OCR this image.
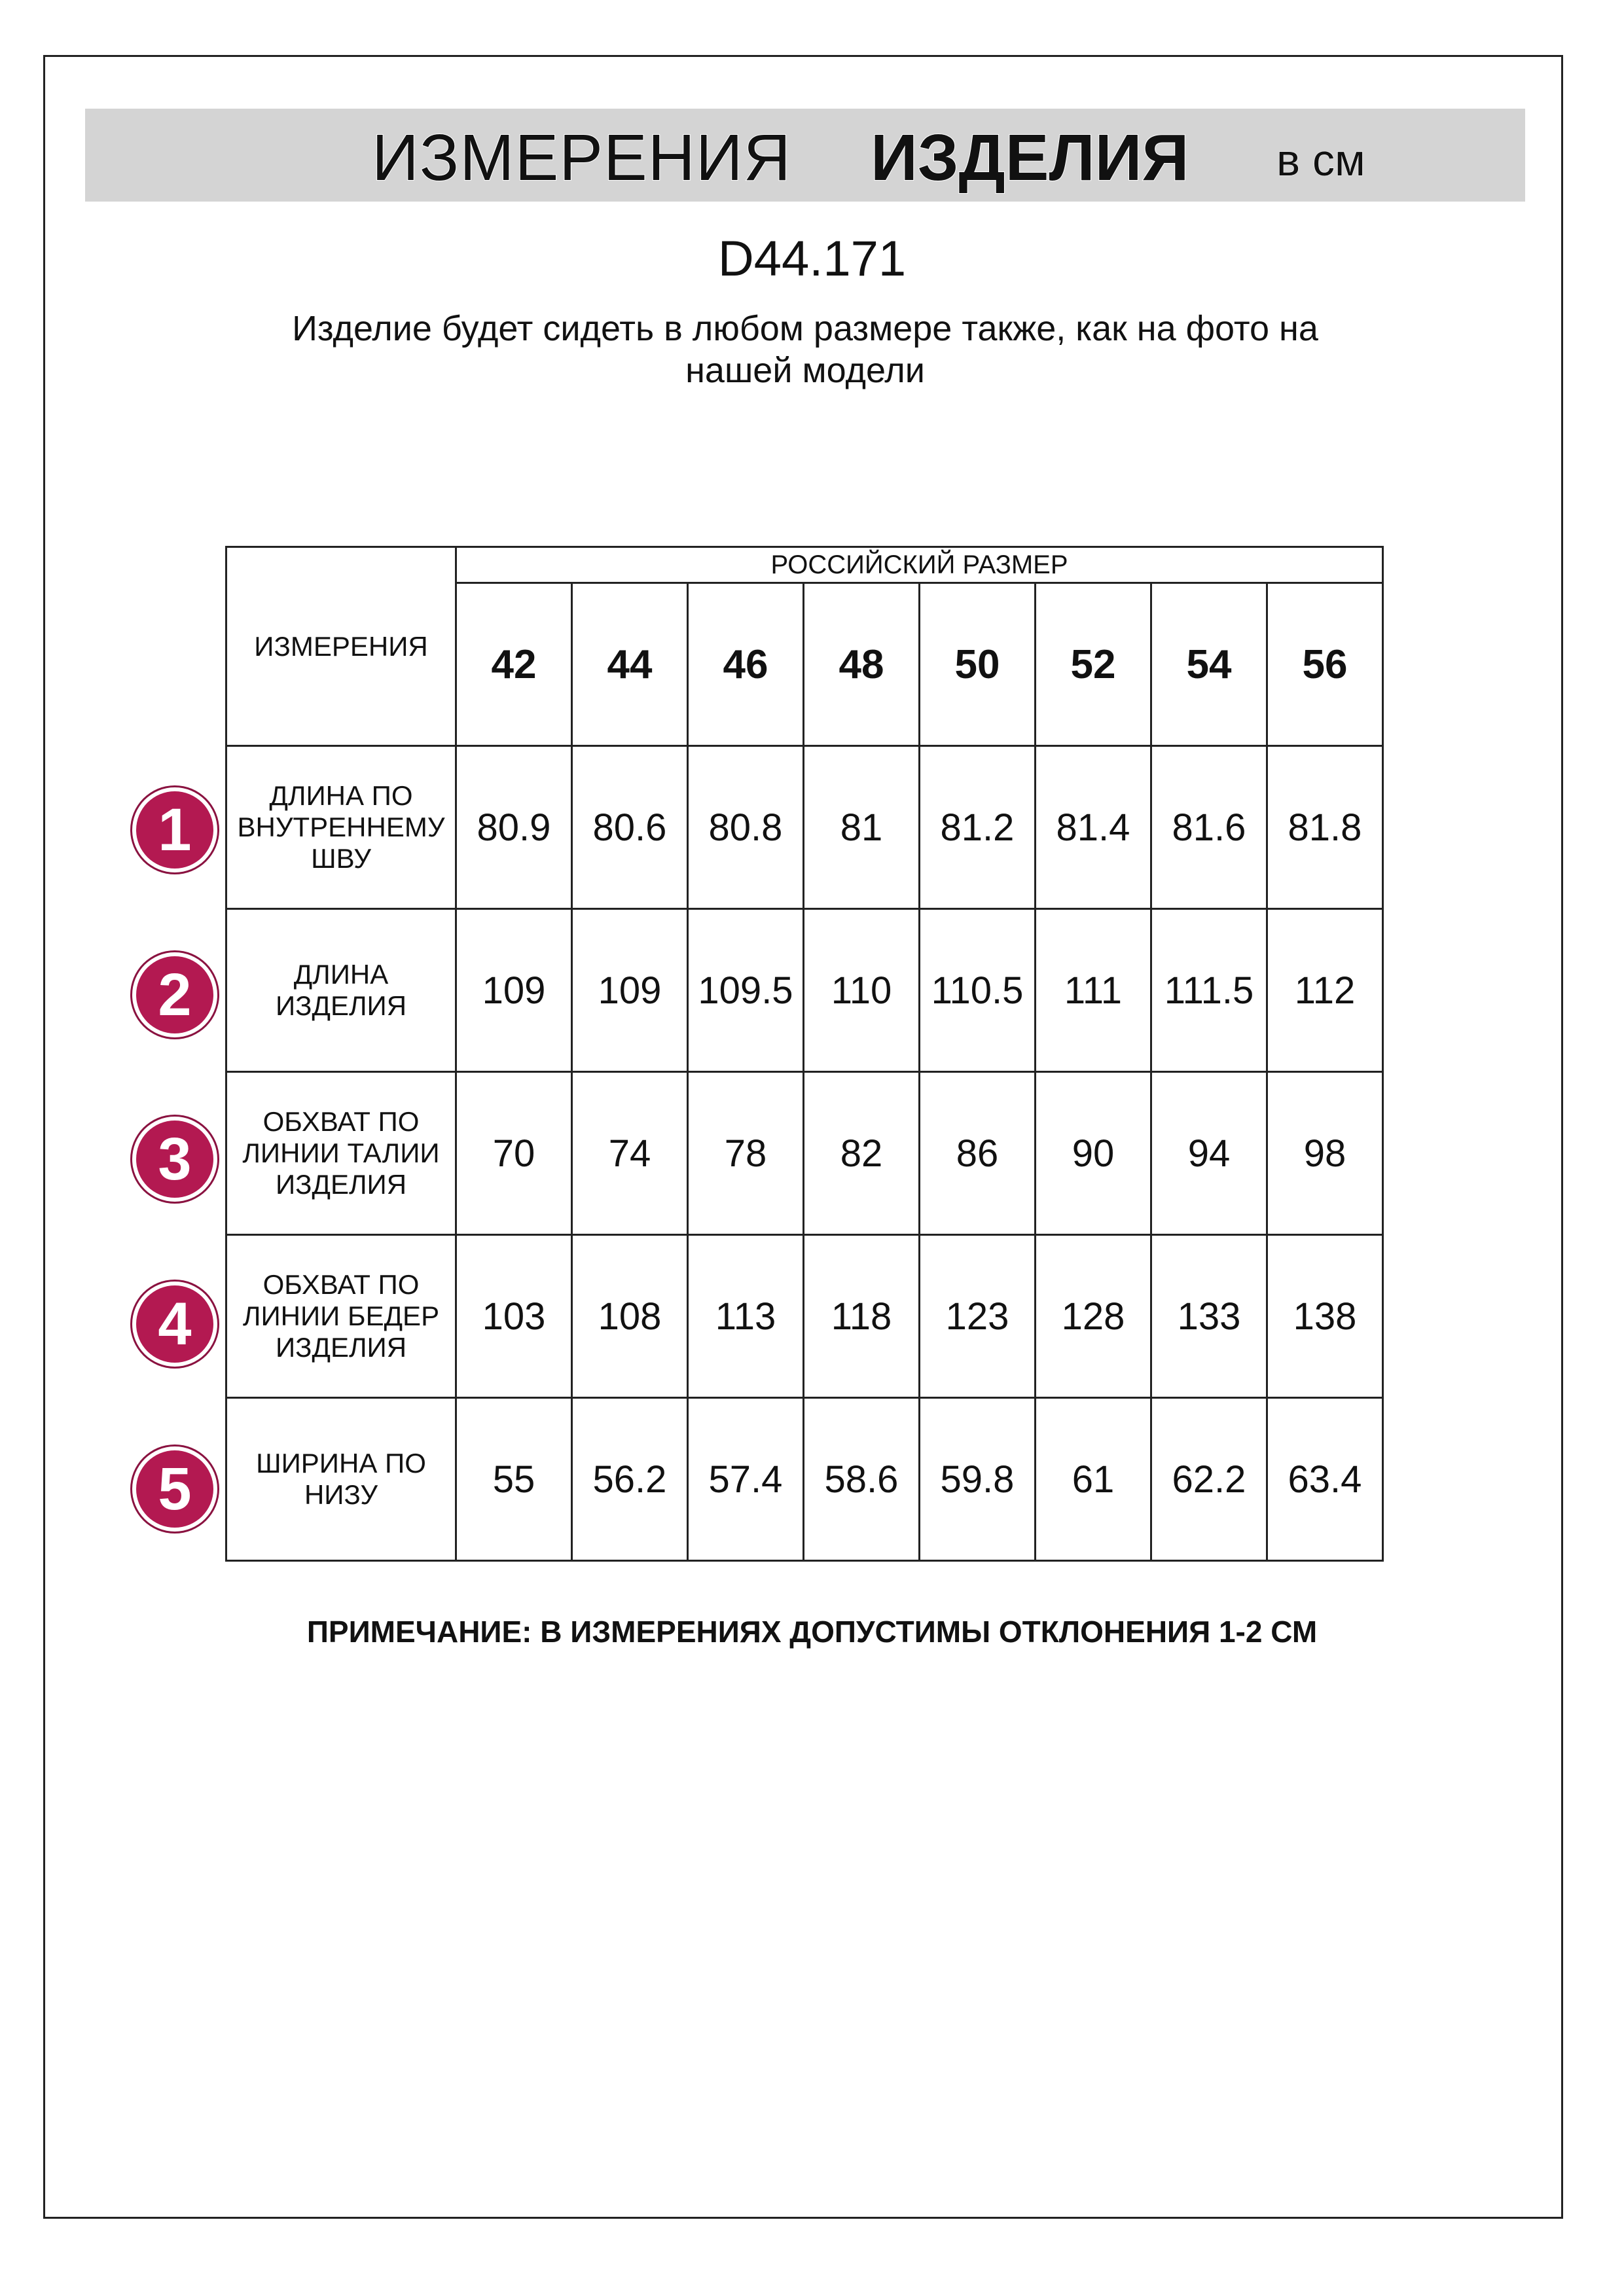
ИЗМЕРЕНИЯ ИЗДЕЛИЯ в см
D44.171
Изделие будет сидеть в любом размере также, как на фото на
нашей модели
ИЗМЕРЕНИЯ	РОССИЙСКИЙ РАЗМЕР							
	42	44	46	48	50	52	54	56

ДЛИНА ПО
ВНУТРЕННЕМУ
ШВУ	80.9	80.6	80.8	81	81.2	81.4	81.6	81.8

ДЛИНА
ИЗДЕЛИЯ	109	109	109.5	110	110.5	111	111.5	112

ОБХВАТ ПО
ЛИНИИ ТАЛИИ
ИЗДЕЛИЯ	70	74	78	82	86	90	94	98

ОБХВАТ ПО
ЛИНИИ БЕДЕР
ИЗДЕЛИЯ	103	108	113	118	123	128	133	138

ШИРИНА ПО
НИЗУ	55	56.2	57.4	58.6	59.8	61	62.2	63.4
1
2
3
4
5
ПРИМЕЧАНИЕ: В ИЗМЕРЕНИЯХ ДОПУСТИМЫ ОТКЛОНЕНИЯ 1-2 СМ
